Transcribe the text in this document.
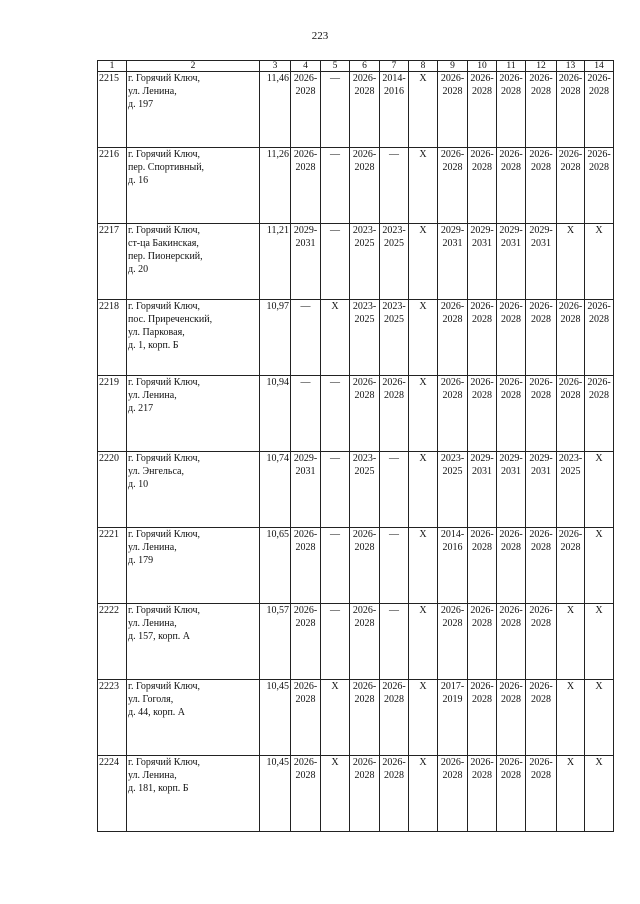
223
1	2	3	4	5	6	7	8	9	10	11	12	13	14
2215	г. Горячий Ключ,
ул. Ленина,
д. 197	11,46	2026-
2028	—	2026-
2028	2014-
2016	X	2026-
2028	2026-
2028	2026-
2028	2026-
2028	2026-
2028	2026-
2028

2216	г. Горячий Ключ,
пер. Спортивный,
д. 16	11,26	2026-
2028	—	2026-
2028	—	X	2026-
2028	2026-
2028	2026-
2028	2026-
2028	2026-
2028	2026-
2028

2217	г. Горячий Ключ,
ст-ца Бакинская,
пер. Пионерский,
д. 20	11,21	2029-
2031	—	2023-
2025	2023-
2025	X	2029-
2031	2029-
2031	2029-
2031	2029-
2031	X	X

2218	г. Горячий Ключ,
пос. Приреченский,
ул. Парковая,
д. 1, корп. Б	10,97	—	X	2023-
2025	2023-
2025	X	2026-
2028	2026-
2028	2026-
2028	2026-
2028	2026-
2028	2026-
2028

2219	г. Горячий Ключ,
ул. Ленина,
д. 217	10,94	—	—	2026-
2028	2026-
2028	X	2026-
2028	2026-
2028	2026-
2028	2026-
2028	2026-
2028	2026-
2028

2220	г. Горячий Ключ,
ул. Энгельса,
д. 10	10,74	2029-
2031	—	2023-
2025	—	X	2023-
2025	2029-
2031	2029-
2031	2029-
2031	2023-
2025	X

2221	г. Горячий Ключ,
ул. Ленина,
д. 179	10,65	2026-
2028	—	2026-
2028	—	X	2014-
2016	2026-
2028	2026-
2028	2026-
2028	2026-
2028	X

2222	г. Горячий Ключ,
ул. Ленина,
д. 157, корп. А	10,57	2026-
2028	—	2026-
2028	—	X	2026-
2028	2026-
2028	2026-
2028	2026-
2028	X	X

2223	г. Горячий Ключ,
ул. Гоголя,
д. 44, корп. А	10,45	2026-
2028	X	2026-
2028	2026-
2028	X	2017-
2019	2026-
2028	2026-
2028	2026-
2028	X	X

2224	г. Горячий Ключ,
ул. Ленина,
д. 181, корп. Б	10,45	2026-
2028	X	2026-
2028	2026-
2028	X	2026-
2028	2026-
2028	2026-
2028	2026-
2028	X	X
